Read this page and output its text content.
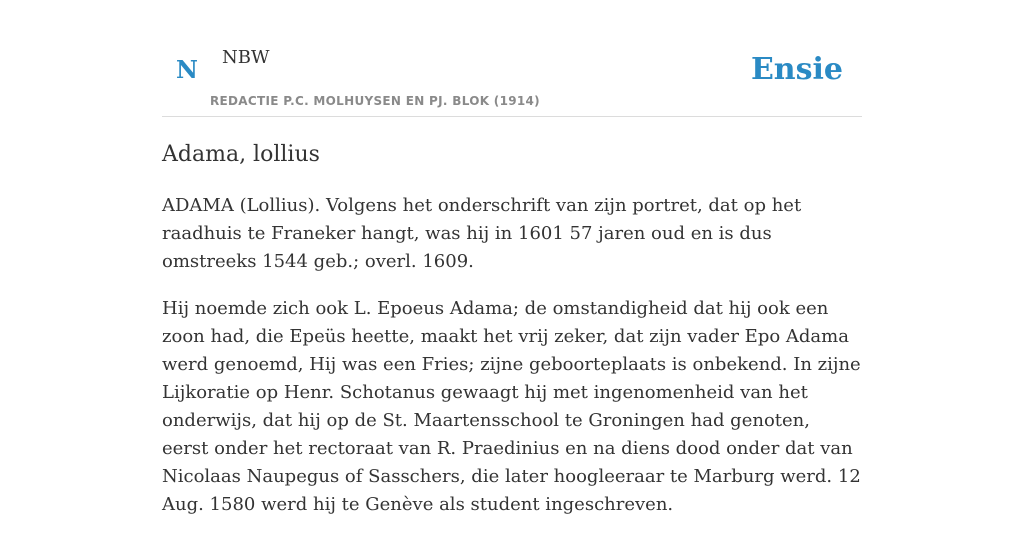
N NBW	Ensie
REDACTIE P.C. MOLHUYSEN EN PJ. BLOK (1914)
Adama, lollius

ADAMA (Lollius). Volgens het onderschrift van zijn portret, dat op het raadhuis te Franeker hangt, was hij in 1601 57 jaren oud en is dus omstreeks 1544 geb.; overl. 1609.

Hij noemde zich ook L. Epoeus Adama; de omstandigheid dat hij ook een zoon had, die Epeüs heette, maakt het vrij zeker, dat zijn vader Epo Adama werd genoemd, Hij was een Fries; zijne geboorteplaats is onbekend. In zijne Lijkoratie op Henr. Schotanus gewaagt hij met ingenomenheid van het onderwijs, dat hij op de St. Maartensschool te Groningen had genoten, eerst onder het rectoraat van R. Praedinius en na diens dood onder dat van Nicolaas Naupegus of Sasschers, die later hoogleeraar te Marburg werd. 12 Aug. 1580 werd hij te Genève als student ingeschreven.
